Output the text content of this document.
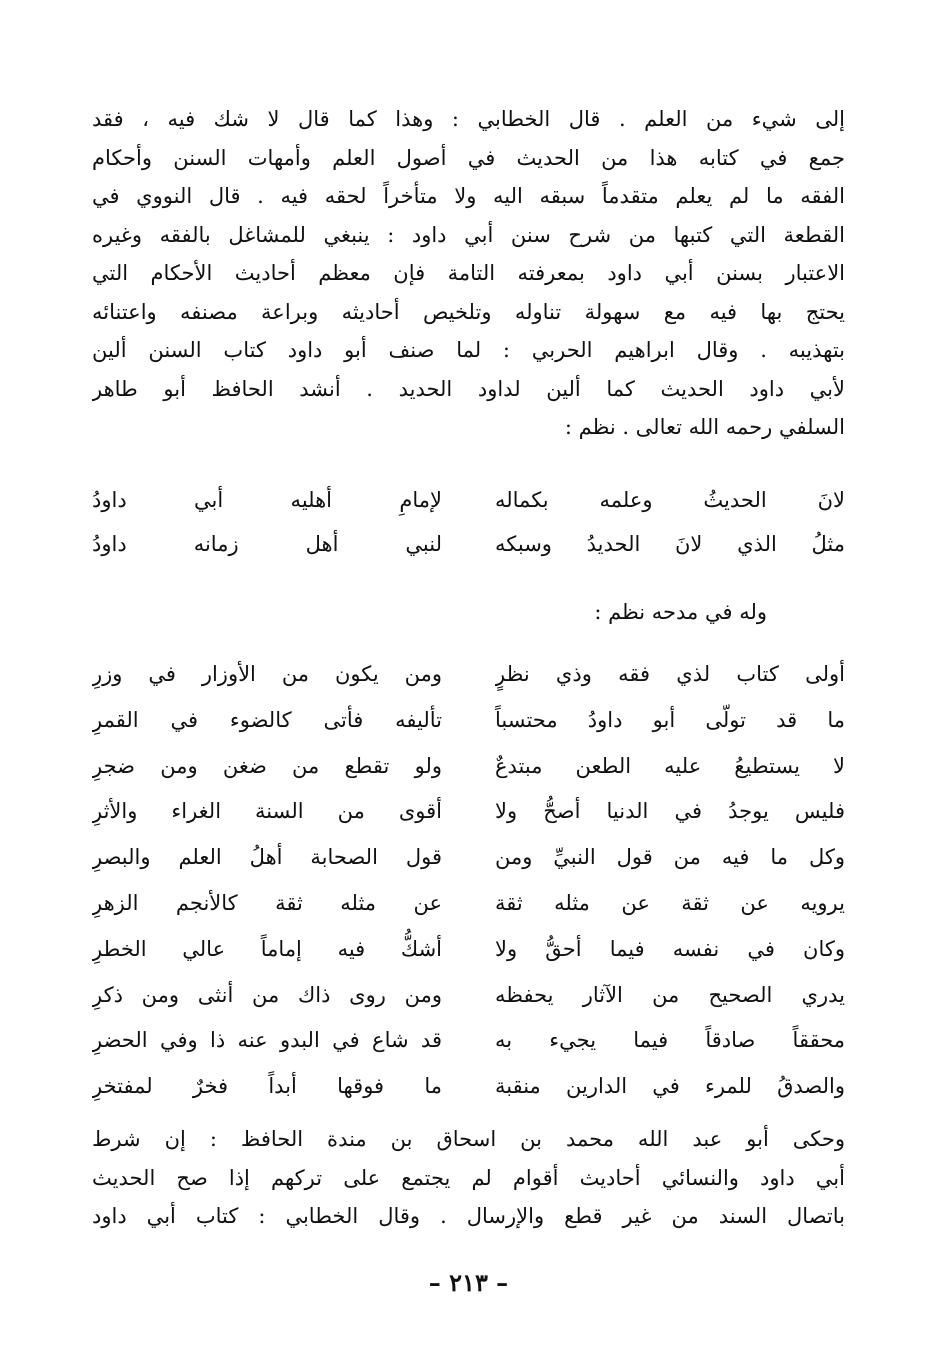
إلى شيء من العلم . قال الخطابي : وهذا كما قال لا شك فيه ، فقد
جمع في كتابه هذا من الحديث في أصول العلم وأمهات السنن وأحكام
الفقه ما لم يعلم متقدماً سبقه اليه ولا متأخراً لحقه فيه . قال النووي في
القطعة التي كتبها من شرح سنن أبي داود : ينبغي للمشاغل بالفقه وغيره
الاعتبار بسنن أبي داود بمعرفته التامة فإن معظم أحاديث الأحكام التي
يحتج بها فيه مع سهولة تناوله وتلخيص أحاديثه وبراعة مصنفه واعتنائه
بتهذيبه . وقال ابراهيم الحربي : لما صنف أبو داود كتاب السنن ألين
لأبي داود الحديث كما ألين لداود الحديد . أنشد الحافظ أبو طاهر
السلفي رحمه الله تعالى . نظم :
لانَ الحديثُ وعلمه بكماله
لإمامِ أهليه أبي داودُ
مثلُ الذي لانَ الحديدُ وسبكه
لنبي أهل زمانه داودُ
وله في مدحه نظم :
أولى كتاب لذي فقه وذي نظرٍ
ومن يكون من الأوزار في وزرِ
ما قد تولّى أبو داودُ محتسباً
تأليفه فأتى كالضوء في القمرِ
لا يستطيعُ عليه الطعن مبتدعٌ
ولو تقطع من ضغن ومن ضجرِ
فليس يوجدُ في الدنيا أصحُّ ولا
أقوى من السنة الغراء والأثرِ
وكل ما فيه من قول النبيِّ ومن
قول الصحابة أهلُ العلم والبصرِ
يرويه عن ثقة عن مثله ثقة
عن مثله ثقة كالأنجم الزهرِ
وكان في نفسه فيما أحقُّ ولا
أشكُّ فيه إماماً عالي الخطرِ
يدري الصحيح من الآثار يحفظه
ومن روى ذاك من أنثى ومن ذكرِ
محققاً صادقاً فيما يجيء به
قد شاع في البدو عنه ذا وفي الحضرِ
والصدقُ للمرء في الدارين منقبة
ما فوقها أبداً فخرٌ لمفتخرِ
وحكى أبو عبد الله محمد بن اسحاق بن مندة الحافظ : إن شرط
أبي داود والنسائي أحاديث أقوام لم يجتمع على تركهم إذا صح الحديث
باتصال السند من غير قطع والإرسال . وقال الخطابي : كتاب أبي داود
– ٢١٣ –
